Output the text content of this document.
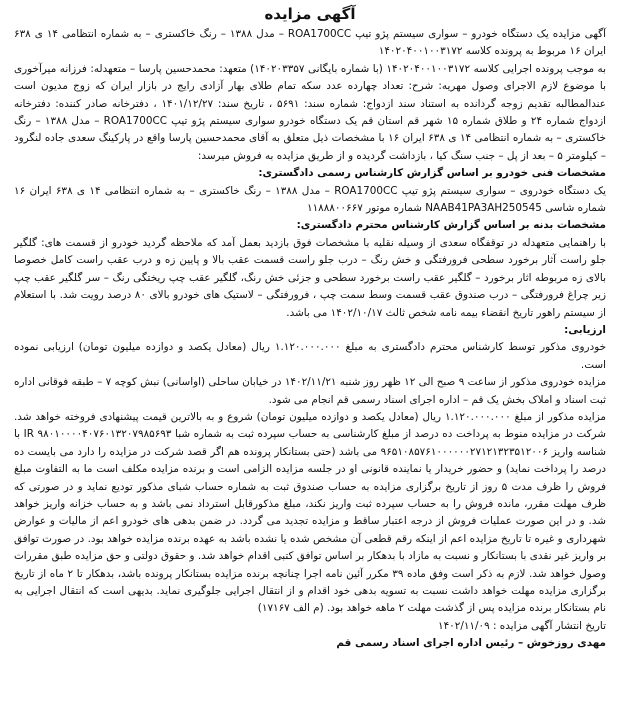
آگهی مزایده

آگهی مزایده یک دستگاه خودرو – سواری سیستم پژو تیپ ROA1700CC – مدل ۱۳۸۸ – رنگ خاکستری – به شماره انتظامی ۱۴ ی ۶۳۸ ایران ۱۶ مربوط به پرونده کلاسه ۱۴۰۲۰۴۰۰۱۰۰۳۱۷۲

به موجب پرونده اجرایی کلاسه ۱۴۰۲۰۴۰۰۱۰۰۳۱۷۲ (با شماره بایگانی ۱۴۰۲۰۳۳۵۷) متعهد: محمدحسین پارسا – متعهدله: فرزانه میرآخوری با موضوع لازم الاجرای وصول مهریه: شرح: تعداد چهارده عدد سکه تمام طلای بهار آزادی رایج در بازار ایران که زوج مدیون است عندالمطالبه تقدیم زوجه گردانده به استناد سند ازدواج: شماره سند: ۵۶۹۱ ، تاریخ سند: ۱۴۰۱/۱۲/۲۷ ، دفترخانه صادر کننده: دفترخانه ازدواج شماره ۲۴ و طلاق شماره ۱۵ شهر قم استان قم یک دستگاه خودرو سواری سیستم پژو تیپ ROA1700CC – مدل ۱۳۸۸ – رنگ خاکستری – به شماره انتظامی ۱۴ ی ۶۳۸ ایران ۱۶ با مشخصات ذیل متعلق به آقای محمدحسین پارسا واقع در پارکینگ سعدی جاده لنگرود – کیلومتر ۵ – بعد از پل – جنب سنگ کیا ، بازداشت گردیده و از طریق مزایده به فروش میرسد:

مشخصات فنی خودرو بر اساس گزارش کارشناس رسمی دادگستری:

یک دستگاه خودروی – سواری سیستم پژو تیپ ROA1700CC – مدل ۱۳۸۸ – رنگ خاکستری – به شماره انتظامی ۱۴ ی ۶۳۸ ایران ۱۶ شماره شاسی NAAB41PA3AH250545 شماره موتور ۱۱۸۸۸۰۰۶۶۷

مشخصات بدنه بر اساس گزارش کارشناس محترم دادگستری:

با راهنمایی متعهدله در توقفگاه سعدی از وسیله نقلیه با مشخصات فوق بازدید بعمل آمد که ملاحظه گردید خودرو از قسمت های: گلگیر جلو راست آثار برخورد سطحی فرورفتگی و خش رنگ – درب جلو راست قسمت عقب بالا و پایین زه و درب عقب راست کامل خصوصا بالای زه مربوطه اثار برخورد – گلگیر عقب راست برخورد سطحی و جزئی خش رنگ، گلگیر عقب چپ ریختگی رنگ – سر گلگیر عقب چپ زیر چراغ فرورفتگی – درب صندوق عقب قسمت وسط سمت چپ ، فرورفتگی – لاستیک های خودرو بالای ۸۰ درصد رویت شد. با استعلام از سیستم راهور تاریخ انقضاء بیمه نامه شخص ثالث ۱۴۰۲/۱۰/۱۷ می باشد.

ارزیابی:

خودروی مذکور توسط کارشناس محترم دادگستری به مبلغ ۱.۱۲۰.۰۰۰.۰۰۰ ریال (معادل یکصد و دوازده میلیون تومان) ارزیابی نموده است.

مزایده خودروی مذکور از ساعت ۹ صبح الی ۱۲ ظهر روز شنبه ۱۴۰۲/۱۱/۲۱ در خیابان ساحلی (اواسانی) نبش کوچه ۷ – طبقه فوقانی اداره ثبت اسناد و املاک بخش یک قم – اداره اجرای اسناد رسمی قم انجام می شود.

مزایده مذکور از مبلغ ۱.۱۲۰.۰۰۰.۰۰۰ ریال (معادل یکصد و دوازده میلیون تومان) شروع و به بالاترین قیمت پیشنهادی فروخته خواهد شد. شرکت در مزایده منوط به پرداخت ده درصد از مبلغ کارشناسی به حساب سپرده ثبت به شماره شبا IR ۹۸۰۱۰۰۰۰۴۰۷۶۰۱۳۲۰۷۹۸۵۶۹۳ با شناسه واریز ۹۶۵۱۰۸۵۷۶۱۰۰۰۰۰۰۲۷۱۲۱۳۲۳۵۱۲۰۰۶ می باشد (حتی بستانکار پرونده هم اگر قصد شرکت در مزایده را دارد می بایست ده درصد را پرداخت نماید) و حضور خریدار یا نماینده قانونی او در جلسه مزایده الزامی است و برنده مزایده مکلف است ما به التفاوت مبلغ فروش را ظرف مدت ۵ روز از تاریخ برگزاری مزایده به حساب صندوق ثبت به شماره حساب شبای مذکور تودیع نماید و در صورتی که ظرف مهلت مقرر، مانده فروش را به حساب سپرده ثبت واریز نکند، مبلغ مذکورقابل استرداد نمی باشد و به حساب خزانه واریز خواهد شد. و در این صورت عملیات فروش از درجه اعتبار ساقط و مزایده تجدید می گردد. در ضمن بدهی های خودرو اعم از مالیات و عوارض شهرداری و غیره تا تاریخ مزایده اعم از اینکه رقم قطعی آن مشخص شده یا نشده باشد به عهده برنده مزایده خواهد بود. در صورت توافق بر واریز غیر نقدی با بستانکار و نسبت به مازاد با بدهکار بر اساس توافق کتبی اقدام خواهد شد. و حقوق دولتی و حق مزایده طبق مقررات وصول خواهد شد. لازم به ذکر است وفق ماده ۳۹ مکرر آئین نامه اجرا چنانچه برنده مزایده بستانکار پرونده باشد، بدهکار تا ۲ ماه از تاریخ برگزاری مزایده مهلت خواهد داشت نسبت به تسویه بدهی خود اقدام و از انتقال اجرایی جلوگیری نماید. بدیهی است که انتقال اجرایی به نام بستانکار برنده مزایده پس از گذشت مهلت ۲ ماهه خواهد بود. (م الف ۱۷۱۶۷)

تاریخ انتشار آگهی مزایده : ۱۴۰۲/۱۱/۰۹

مهدی روزخوش – رئیس اداره اجرای اسناد رسمی قم
